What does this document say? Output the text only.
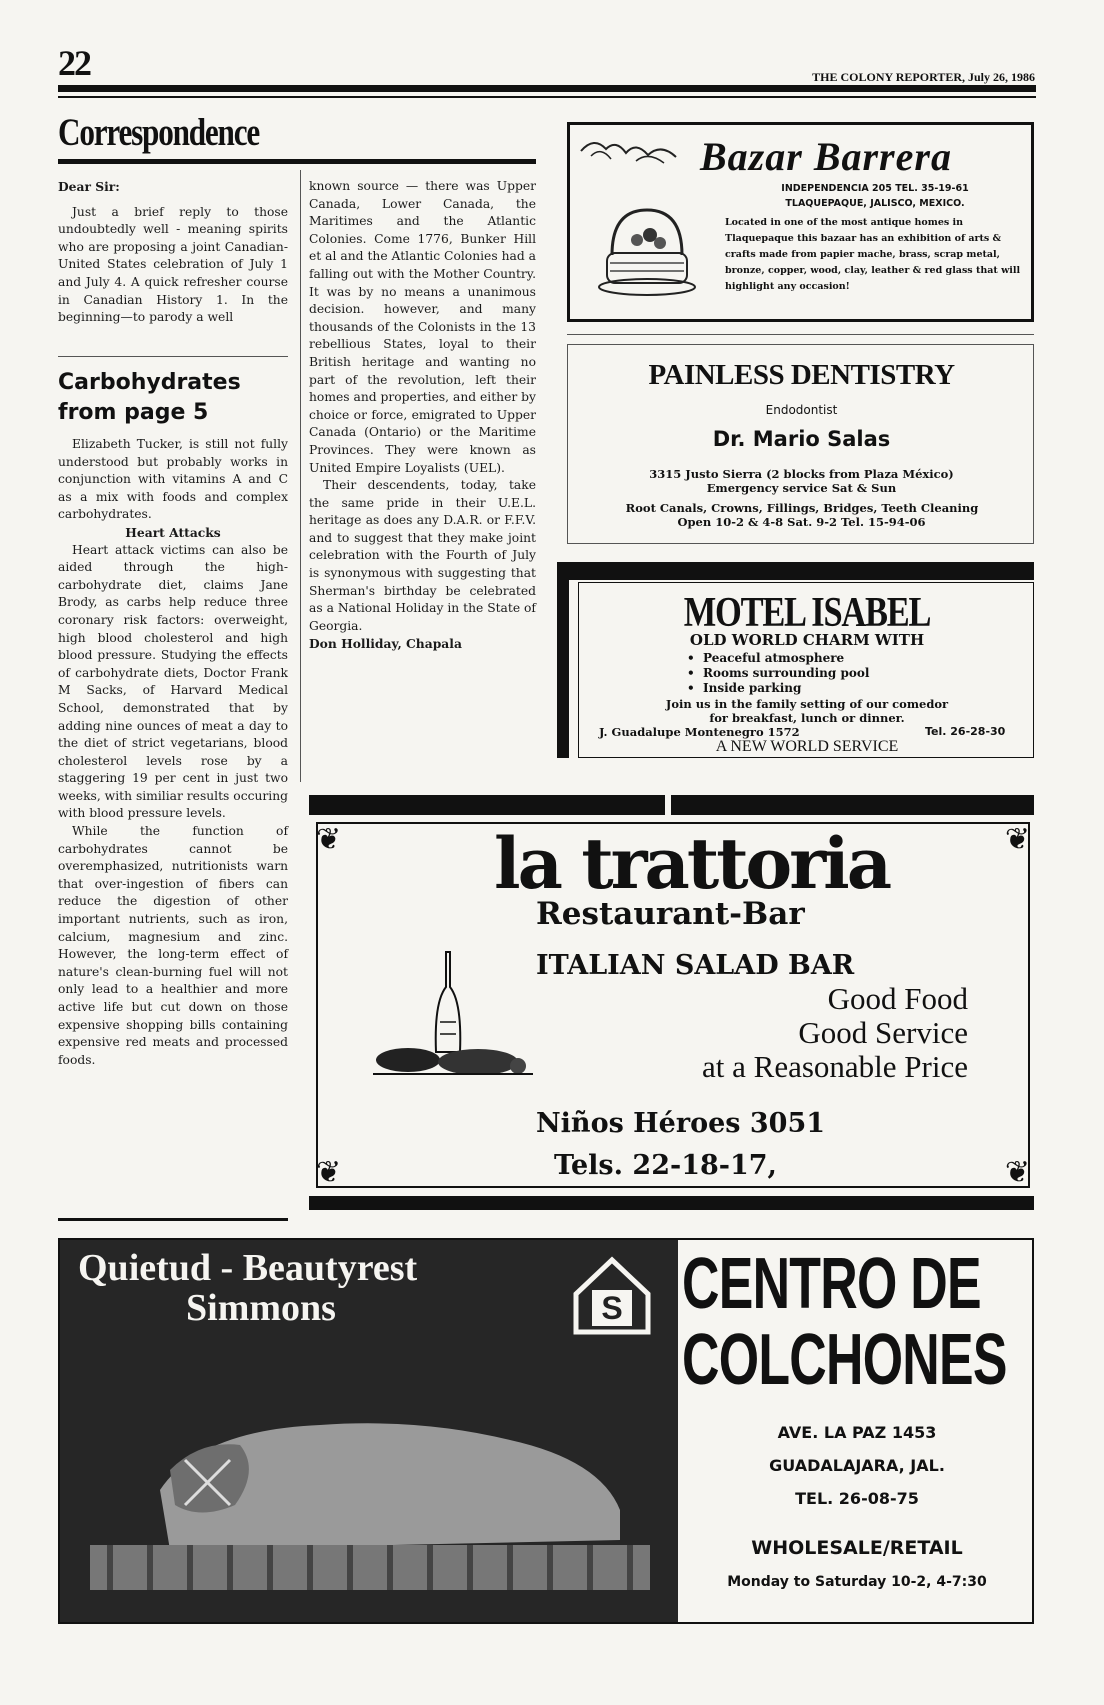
22	THE COLONY REPORTER, July 26, 1986
Correspondence

Dear Sir:

Just a brief reply to those undoubtedly well - meaning spirits who are proposing a joint Canadian-United States celebration of July 1 and July 4. A quick refresher course in Canadian History 1. In the beginning—to parody a well

Carbohydrates from page 5

Elizabeth Tucker, is still not fully understood but probably works in conjunction with vitamins A and C as a mix with foods and complex carbohydrates.

Heart Attacks

Heart attack victims can also be aided through the high-carbohydrate diet, claims Jane Brody, as carbs help reduce three coronary risk factors: overweight, high blood cholesterol and high blood pressure. Studying the effects of carbohydrate diets, Doctor Frank M Sacks, of Harvard Medical School, demonstrated that by adding nine ounces of meat a day to the diet of strict vegetarians, blood cholesterol levels rose by a staggering 19 per cent in just two weeks, with similiar results occuring with blood pressure levels.

While the function of carbohydrates cannot be overemphasized, nutritionists warn that over-ingestion of fibers can reduce the digestion of other important nutrients, such as iron, calcium, magnesium and zinc. However, the long-term effect of nature's clean-burning fuel will not only lead to a healthier and more active life but cut down on those expensive shopping bills containing expensive red meats and processed foods.

known source — there was Upper Canada, Lower Canada, the Maritimes and the Atlantic Colonies. Come 1776, Bunker Hill et al and the Atlantic Colonies had a falling out with the Mother Country. It was by no means a unanimous decision. however, and many thousands of the Colonists in the 13 rebellious States, loyal to their British heritage and wanting no part of the revolution, left their homes and properties, and either by choice or force, emigrated to Upper Canada (Ontario) or the Maritime Provinces. They were known as United Empire Loyalists (UEL).

Their descendents, today, take the same pride in their U.E.L. heritage as does any D.A.R. or F.F.V. and to suggest that they make joint celebration with the Fourth of July is synonymous with suggesting that Sherman's birthday be celebrated as a National Holiday in the State of Georgia.

Don Holliday, Chapala

Bazar Barrera
INDEPENDENCIA 205 TEL. 35-19-61
TLAQUEPAQUE, JALISCO, MEXICO.
Located in one of the most antique homes in Tlaquepaque this bazaar has an exhibition of arts & crafts made from papier mache, brass, scrap metal, bronze, copper, wood, clay, leather & red glass that will highlight any occasion!
PAINLESS DENTISTRY
Endodontist
Dr. Mario Salas
3315 Justo Sierra (2 blocks from Plaza México)
Emergency service Sat & Sun
Root Canals, Crowns, Fillings, Bridges, Teeth Cleaning
Open 10-2 & 4-8 Sat. 9-2 Tel. 15-94-06
MOTEL ISABEL
OLD WORLD CHARM WITH
•  Peaceful atmosphere
•  Rooms surrounding pool
•  Inside parking
Join us in the family setting of our comedor
for breakfast, lunch or dinner.
J. Guadalupe Montenegro 1572	Tel. 26-28-30
A NEW WORLD SERVICE
❦	❦
❦	❦
la trattoria
Restaurant-Bar
ITALIAN SALAD BAR
Good Food
Good Service
at a Reasonable Price
Niños Héroes 3051
Tels. 22-18-17,
Quietud - Beautyrest
Simmons	S CENTRO DE
COLCHONES
AVE. LA PAZ 1453
GUADALAJARA, JAL.
TEL. 26-08-75
WHOLESALE/RETAIL
Monday to Saturday 10-2, 4-7:30
